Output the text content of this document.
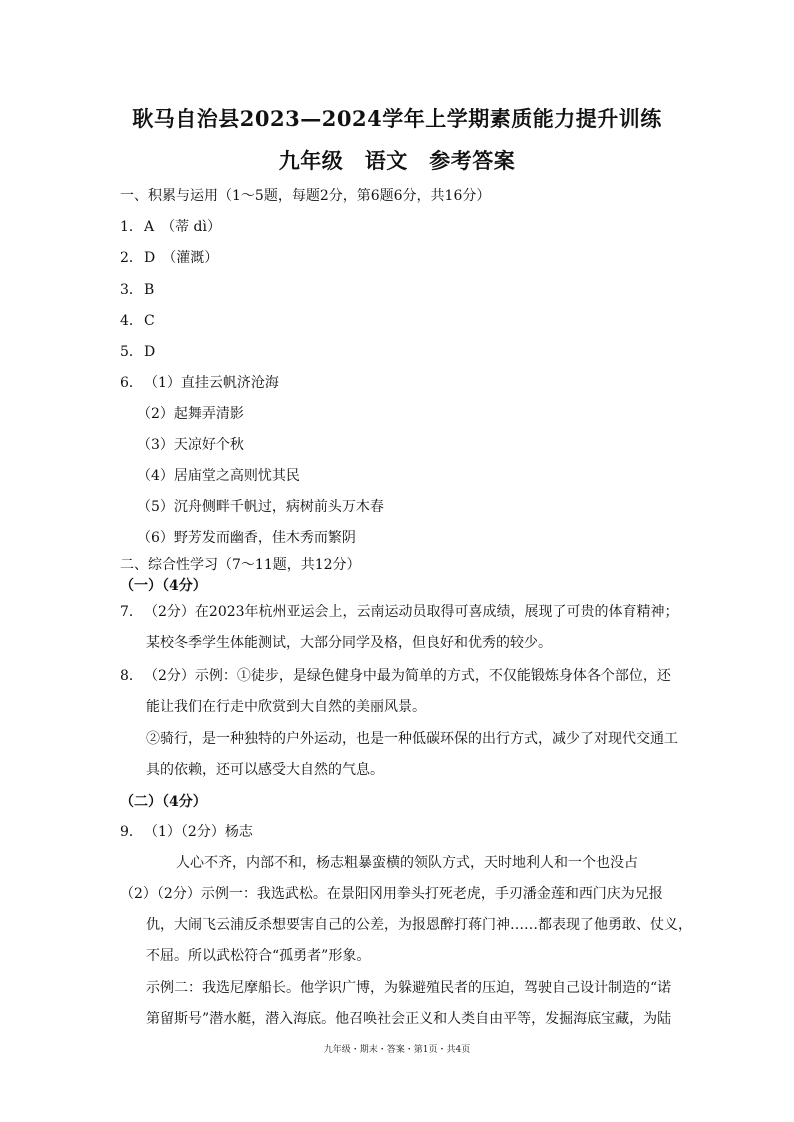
耿马自治县2023—2024学年上学期素质能力提升训练
九年级　语文　参考答案
一、积累与运用（1～5题，每题2分，第6题6分，共16分）
1．A　（蒂 dì）
2．D　（灌溉）
3．B
4．C
5．D
6．（1）直挂云帆济沧海
（2）起舞弄清影
（3）天凉好个秋
（4）居庙堂之高则忧其民
（5）沉舟侧畔千帆过，病树前头万木春
（6）野芳发而幽香，佳木秀而繁阴
二、综合性学习（7～11题，共12分）
（一）（4分）
7．（2分）在2023年杭州亚运会上，云南运动员取得可喜成绩，展现了可贵的体育精神；
某校冬季学生体能测试，大部分同学及格，但良好和优秀的较少。
8．（2分）示例：①徒步，是绿色健身中最为简单的方式，不仅能锻炼身体各个部位，还
能让我们在行走中欣赏到大自然的美丽风景。
②骑行，是一种独特的户外运动，也是一种低碳环保的出行方式，减少了对现代交通工
具的依赖，还可以感受大自然的气息。
（二）（4分）
9．（1）（2分）杨志
人心不齐，内部不和，杨志粗暴蛮横的领队方式，天时地利人和一个也没占
（2）（2分）示例一：我选武松。在景阳冈用拳头打死老虎，手刃潘金莲和西门庆为兄报
仇，大闹飞云浦反杀想要害自己的公差，为报恩醉打蒋门神……都表现了他勇敢、仗义，
不屈。所以武松符合“孤勇者”形象。
示例二：我选尼摩船长。他学识广博，为躲避殖民者的压迫，驾驶自己设计制造的“诺
第留斯号”潜水艇，潜入海底。他召唤社会正义和人类自由平等，发掘海底宝藏，为陆
九年级・期末・答案・第1页・共4页
